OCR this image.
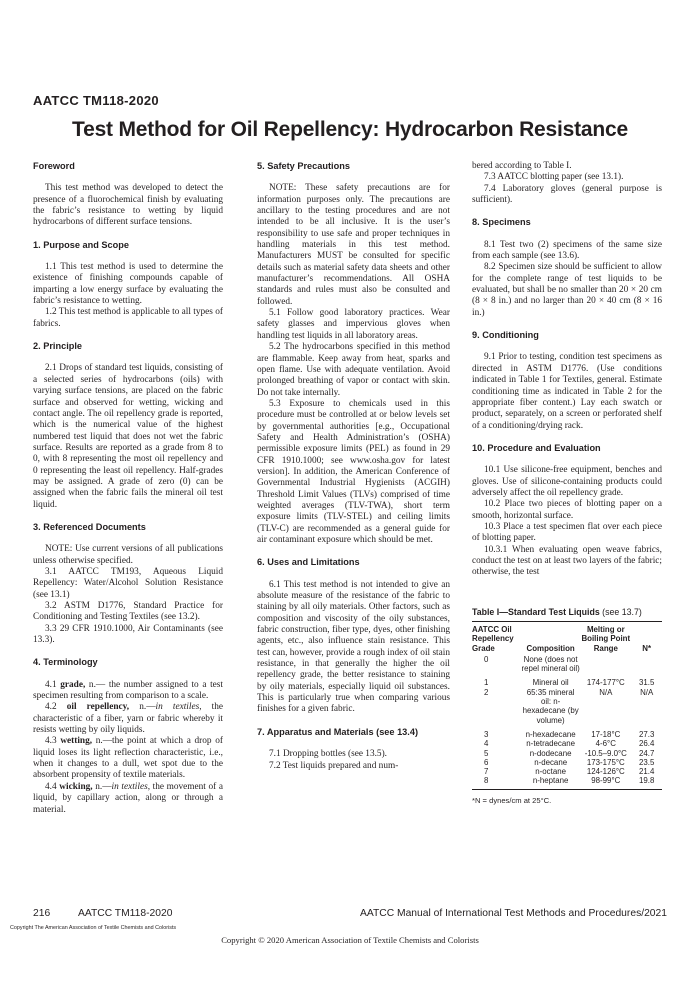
AATCC TM118-2020
Test Method for Oil Repellency: Hydrocarbon Resistance
Foreword

This test method was developed to detect the presence of a fluorochemical finish by evaluating the fabric’s resistance to wetting by liquid hydrocarbons of different surface tensions.

1. Purpose and Scope

1.1 This test method is used to determine the existence of finishing compounds capable of imparting a low energy surface by evaluating the fabric’s resistance to wetting.

1.2 This test method is applicable to all types of fabrics.

2. Principle

2.1 Drops of standard test liquids, consisting of a selected series of hydrocarbons (oils) with varying surface tensions, are placed on the fabric surface and observed for wetting, wicking and contact angle. The oil repellency grade is reported, which is the numerical value of the highest numbered test liquid that does not wet the fabric surface. Results are reported as a grade from 8 to 0, with 8 representing the most oil repellency and 0 representing the least oil repellency. Half-grades may be assigned. A grade of zero (0) can be assigned when the fabric fails the mineral oil test liquid.

3. Referenced Documents

NOTE: Use current versions of all publications unless otherwise specified.

3.1 AATCC TM193, Aqueous Liquid Repellency: Water/Alcohol Solution Resistance (see 13.1)

3.2 ASTM D1776, Standard Practice for Conditioning and Testing Textiles (see 13.2).

3.3 29 CFR 1910.1000, Air Contaminants (see 13.3).

4. Terminology

4.1 grade, n.— the number assigned to a test specimen resulting from comparison to a scale.

4.2 oil repellency, n.—in textiles, the characteristic of a fiber, yarn or fabric whereby it resists wetting by oily liquids.

4.3 wetting, n.—the point at which a drop of liquid loses its light reflection characteristic, i.e., when it changes to a dull, wet spot due to the absorbent propensity of textile materials.

4.4 wicking, n.—in textiles, the movement of a liquid, by capillary action, along or through a material.

5. Safety Precautions

NOTE: These safety precautions are for information purposes only. The precautions are ancillary to the testing procedures and are not intended to be all inclusive. It is the user’s responsibility to use safe and proper techniques in handling materials in this test method. Manufacturers MUST be consulted for specific details such as material safety data sheets and other manufacturer’s recommendations. All OSHA standards and rules must also be consulted and followed.

5.1 Follow good laboratory practices. Wear safety glasses and impervious gloves when handling test liquids in all laboratory areas.

5.2 The hydrocarbons specified in this method are flammable. Keep away from heat, sparks and open flame. Use with adequate ventilation. Avoid prolonged breathing of vapor or contact with skin. Do not take internally.

5.3 Exposure to chemicals used in this procedure must be controlled at or below levels set by governmental authorities [e.g., Occupational Safety and Health Administration’s (OSHA) permissible exposure limits (PEL) as found in 29 CFR 1910.1000; see www.osha.gov for latest version]. In addition, the American Conference of Governmental Industrial Hygienists (ACGIH) Threshold Limit Values (TLVs) comprised of time weighted averages (TLV-TWA), short term exposure limits (TLV-STEL) and ceiling limits (TLV-C) are recommended as a general guide for air contaminant exposure which should be met.

6. Uses and Limitations

6.1 This test method is not intended to give an absolute measure of the resistance of the fabric to staining by all oily materials. Other factors, such as composition and viscosity of the oily substances, fabric construction, fiber type, dyes, other finishing agents, etc., also influence stain resistance. This test can, however, provide a rough index of oil stain resistance, in that generally the higher the oil repellency grade, the better resistance to staining by oily materials, especially liquid oil substances. This is particularly true when comparing various finishes for a given fabric.

7. Apparatus and Materials (see 13.4)

7.1 Dropping bottles (see 13.5).

7.2 Test liquids prepared and num-

bered according to Table I.

7.3 AATCC blotting paper (see 13.1).

7.4 Laboratory gloves (general purpose is sufficient).

8. Specimens

8.1 Test two (2) specimens of the same size from each sample (see 13.6).

8.2 Specimen size should be sufficient to allow for the complete range of test liquids to be evaluated, but shall be no smaller than 20 × 20 cm (8 × 8 in.) and no larger than 20 × 40 cm (8 × 16 in.)

9. Conditioning

9.1 Prior to testing, condition test specimens as directed in ASTM D1776. (Use conditions indicated in Table 1 for Textiles, general. Estimate conditioning time as indicated in Table 2 for the appropriate fiber content.) Lay each swatch or product, separately, on a screen or perforated shelf of a conditioning/drying rack.

10. Procedure and Evaluation

10.1 Use silicone-free equipment, benches and gloves. Use of silicone-containing products could adversely affect the oil repellency grade.

10.2 Place two pieces of blotting paper on a smooth, horizontal surface.

10.3 Place a test specimen flat over each piece of blotting paper.

10.3.1 When evaluating open weave fabrics, conduct the test on at least two layers of the fabric; otherwise, the test

Table I—Standard Test Liquids (see 13.7)
AATCC Oil Repellency Grade	Composition	Melting or Boiling Point Range	N*
0	None (does not repel mineral oil)		
1	Mineral oil	174-177°C	31.5
2	65:35 mineral oil: n-hexadecane (by volume)	N/A	N/A
3	n-hexadecane	17-18°C	27.3
4	n-tetradecane	4-6°C	26.4
5	n-dodecane	-10.5–9.0°C	24.7
6	n-decane	173-175°C	23.5
7	n-octane	124-126°C	21.4
8	n-heptane	98-99°C	19.8
*N = dynes/cm at 25°C.
216	AATCC TM118-2020	AATCC Manual of International Test Methods and Procedures/2021
Copyright The American Association of Textile Chemists and Colorists
Copyright © 2020 American Association of Textile Chemists and Colorists
